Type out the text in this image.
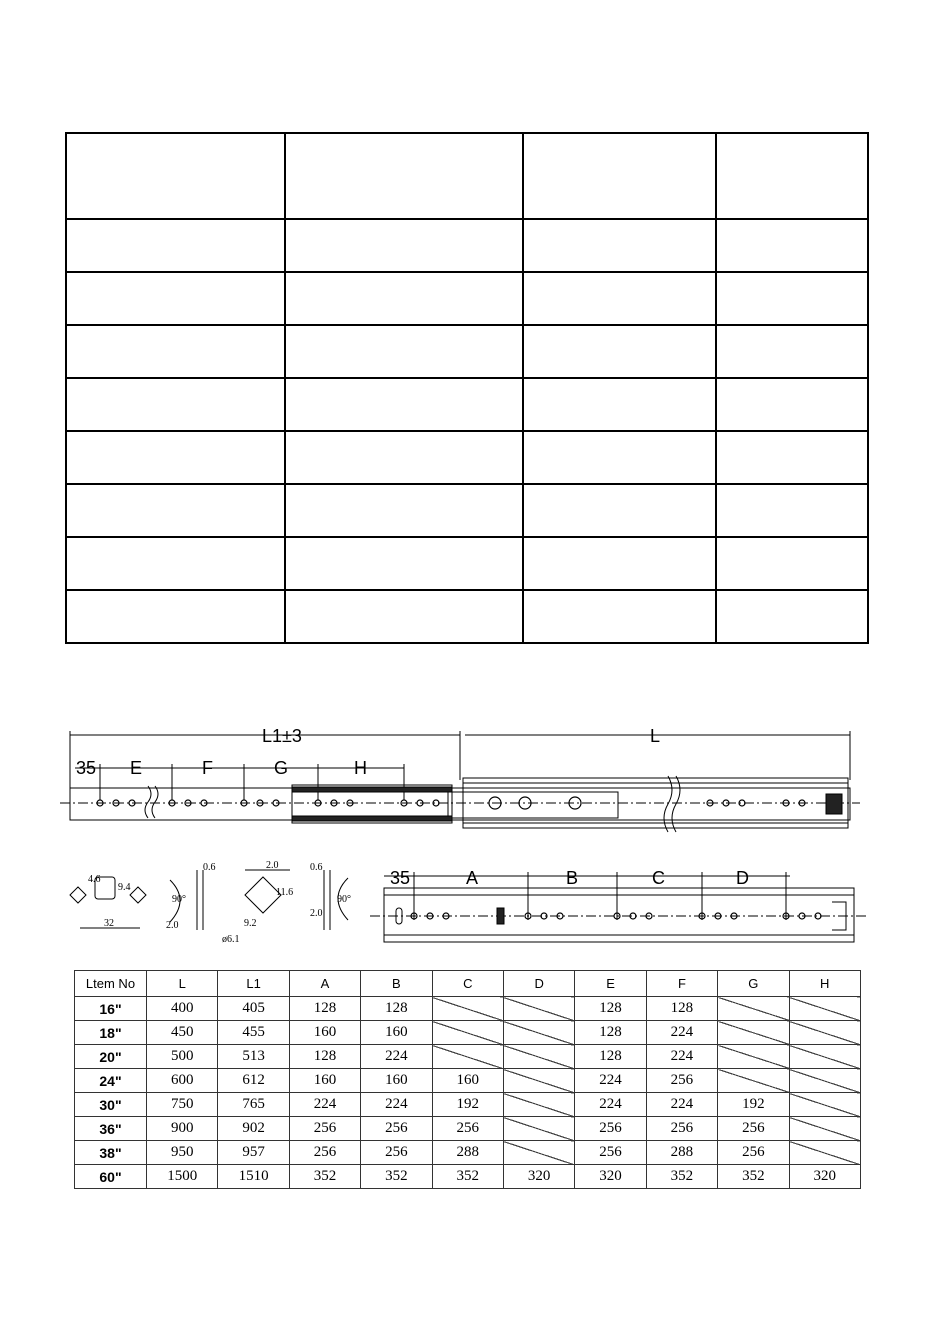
L1±3	L
35 E	F	G	H
35	A	B	C	D
4.6
9.4
32
0.6
90°
2.0
2.0
11.6
ø6.1
9.2
0.6
90°
2.0
Ltem No	L	L1	A	B	C	D	E	F	G	H
16"	400	405	128	128			128	128		
18"	450	455	160	160			128	224		
20"	500	513	128	224			128	224		
24"	600	612	160	160	160		224	256		
30"	750	765	224	224	192		224	224	192	
36"	900	902	256	256	256		256	256	256	
38"	950	957	256	256	288		256	288	256	
60"	1500	1510	352	352	352	320	320	352	352	320
